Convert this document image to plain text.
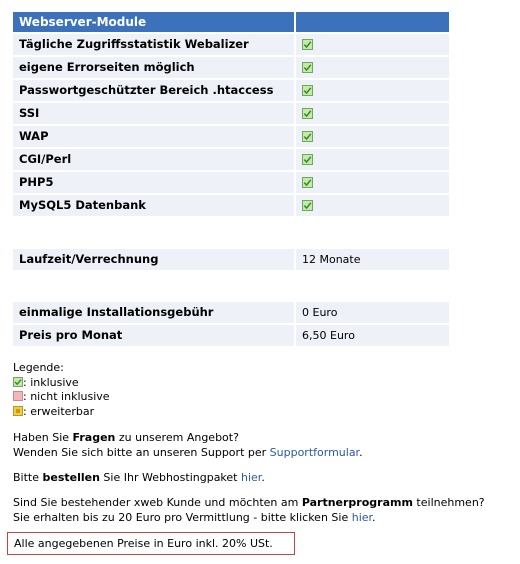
Webserver-Module
Tägliche Zugriffsstatistik Webalizer
eigene Errorseiten möglich
Passwortgeschützter Bereich .htaccess
SSI
WAP
CGI/Perl
PHP5
MySQL5 Datenbank
Laufzeit/Verrechnung	12 Monate
einmalige Installationsgebühr	0 Euro
Preis pro Monat	6,50 Euro
Legende:
: inklusive
: nicht inklusive
: erweiterbar
Haben Sie Fragen zu unserem Angebot?
Wenden Sie sich bitte an unseren Support per Supportformular.
Bitte bestellen Sie Ihr Webhostingpaket hier.
Sind Sie bestehender xweb Kunde und möchten am Partnerprogramm teilnehmen?
Sie erhalten bis zu 20 Euro pro Vermittlung - bitte klicken Sie hier.
Alle angegebenen Preise in Euro inkl. 20% USt.
